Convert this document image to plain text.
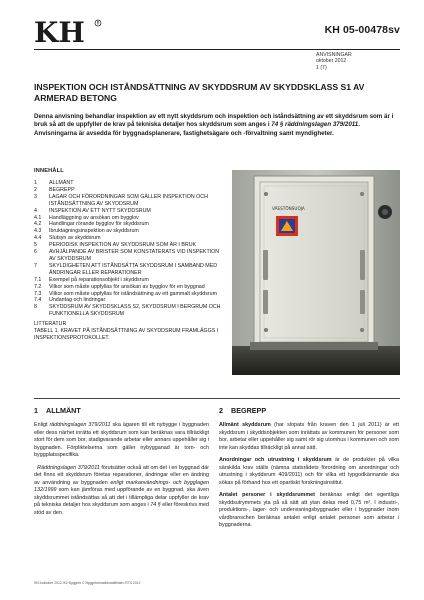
KH	R
KH 05-00478sv
ANVISNINGAR
oktober 2012
1 (7)
INSPEKTION OCH ISTÅNDSÄTTNING AV SKYDDSRUM AV SKYDDSKLASS S1 AV ARMERAD BETONG
Denna anvisning behandlar inspektion av ett nytt skyddsrum och inspektion och iståndsättning av ett skyddsrum som är i bruk så att de uppfyller de krav på tekniska detaljer hos skyddsrum som anges i 74 § räddningslagen 379/2011. Anvisningarna är avsedda för byggnadsplanerare, fastighetsägare och -förvaltning samt myndigheter.
INNEHÅLL
1	ALLMÄNT
2	BEGREPP
3	LAGAR OCH FÖRORDNINGAR SOM GÄLLER INSPEKTION OCH ISTÅNDSÄTTNING AV SKYDDSRUM
4	INSPEKTION AV ETT NYTT SKYDDSRUM
4.1	Handläggning av ansökan om bygglov
4.2	Handlingar rörande bygglov för skyddsrum
4.3	Ibruktagningsinspektion av skyddsrum
4.4	Slutsyn av skyddsrum
5	PERIODISK INSPEKTION AV SKYDDSRUM SOM ÄR I BRUK
6	AVHJÄLPANDE AV BRISTER SOM KONSTATERATS VID INSPEKTION AV SKYDDSRUM
7	SKYLDIGHETEN ATT ISTÅNDSÄTTA SKYDDSRUM I SAMBAND MED ÄNDRINGAR ELLER REPARATIONER
7.1	Exempel på reparationsobjekt i skyddsrum
7.2	Vilkor som måste uppfyllas för ansökan av bygglov för en byggnad
7.3	Vilkor som måste uppfyllas för iståndsättning av ett gammalt skyddsrum
7.4	Undantag och lindringar
8	SKYDDSRUM AV SKYDDSKLASS S2, SKYDDSRUM I BERGRUM OCH FUNKTIONELLA SKYDDSRUM
LITTERATUR
TABELL 1. KRAVET PÅ ISTÅNDSÄTTNING AV SKYDDSRUM FRAMLÄGGS I INSPEKTIONSPROTOKOLLET.
VÄESTÖNSUOJA
1 ALLMÄNT

Enligt räddningslagen 379/2011 ska ägaren till ett nybygge i byggnaden eller dess närhet inrätta ett skyddsrum som kan beräknas vara tillräckligt stort för dem som bor, stadigvarande arbetar eller annars uppehåller sig i byggnaden. Förpliktelserna som gäller nybygganad är torn- och byggplatsspecifika.

Räddningslagen 379/2011 förutsätter också att om det i en byggnad där det finns ett skyddsrum företas reparationer, ändringar eller en ändring av användning av byggnaden enligt markanvändnings- och bygglagen 132/1999 som kan jämföras med uppförande av en byggnad, ska även skyddsrummet iståndsättas så att det i tillämpliga delar uppfyller de krav på tekniska detaljer hos skyddsrum som anges i 74 § eller föreskrivs med stöd av den.

2 BEGREPP

Allmänt skyddsrum (har slopats från kraven den 1 juli 2011) är ett skyddsrum i skyddsobjekten som inrättats av kommunen för personer som bor, arbetar eller uppehåller sig samt rör sig utomhus i kommunen och som inte kan skyddas tillräckligt på annat sätt.

Anordningar och utrustning i skyddsrum är de produkter på vilka särskilda krav ställs (nämna statsrådets förordning om anordningar och utrustning i skyddsrum 409/2011) och för vilka ett typgodkännande ska sökas på förhand hos ett opartiskt forskningsinstitut.

Antalet personer i skyddsrummet beräknas enligt det egentliga skyddsutrymmets yta på så sätt att ytan delas med 0,75 m². I industri-, produktions-, lager- och undervisningsbyggnader eller i byggnader inom vårdbranschen beräknas antalet enligt antalet personer som arbetar i byggnaderna.

9K/1/oktober 2012 /KI/ Byggnfo © Byggnformationsstiftelsen RTS 2012
